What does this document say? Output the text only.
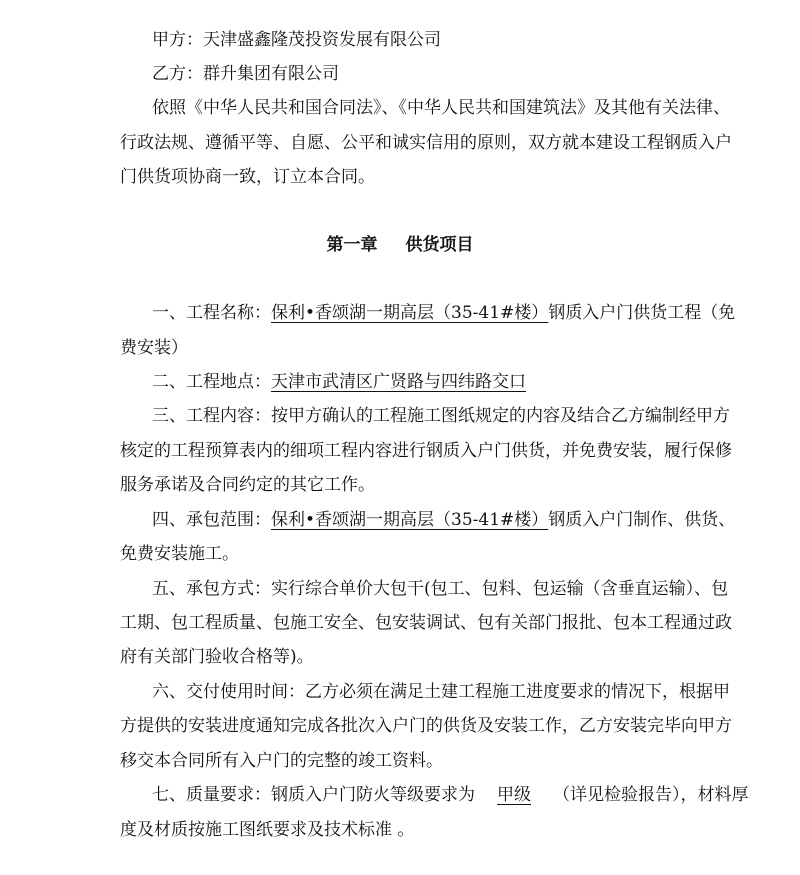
甲方：天津盛鑫隆茂投资发展有限公司
乙方：群升集团有限公司
依照《中华人民共和国合同法》、《中华人民共和国建筑法》及其他有关法律、
行政法规、遵循平等、自愿、公平和诚实信用的原则，双方就本建设工程钢质入户
门供货项协商一致，订立本合同。
第一章 供货项目
一、工程名称：保利•香颂湖一期高层（35-41#楼）钢质入户门供货工程（免
费安装）
二、工程地点：天津市武清区广贤路与四纬路交口
三、工程内容：按甲方确认的工程施工图纸规定的内容及结合乙方编制经甲方
核定的工程预算表内的细项工程内容进行钢质入户门供货，并免费安装，履行保修
服务承诺及合同约定的其它工作。
四、承包范围：保利•香颂湖一期高层（35-41#楼）钢质入户门制作、供货、
免费安装施工。
五、承包方式：实行综合单价大包干(包工、包料、包运输（含垂直运输）、包
工期、包工程质量、包施工安全、包安装调试、包有关部门报批、包本工程通过政
府有关部门验收合格等)。
六、交付使用时间：乙方必须在满足土建工程施工进度要求的情况下，根据甲
方提供的安装进度通知完成各批次入户门的供货及安装工作，乙方安装完毕向甲方
移交本合同所有入户门的完整的竣工资料。
七、质量要求：钢质入户门防火等级要求为 甲级 （详见检验报告），材料厚
度及材质按施工图纸要求及技术标准 。
